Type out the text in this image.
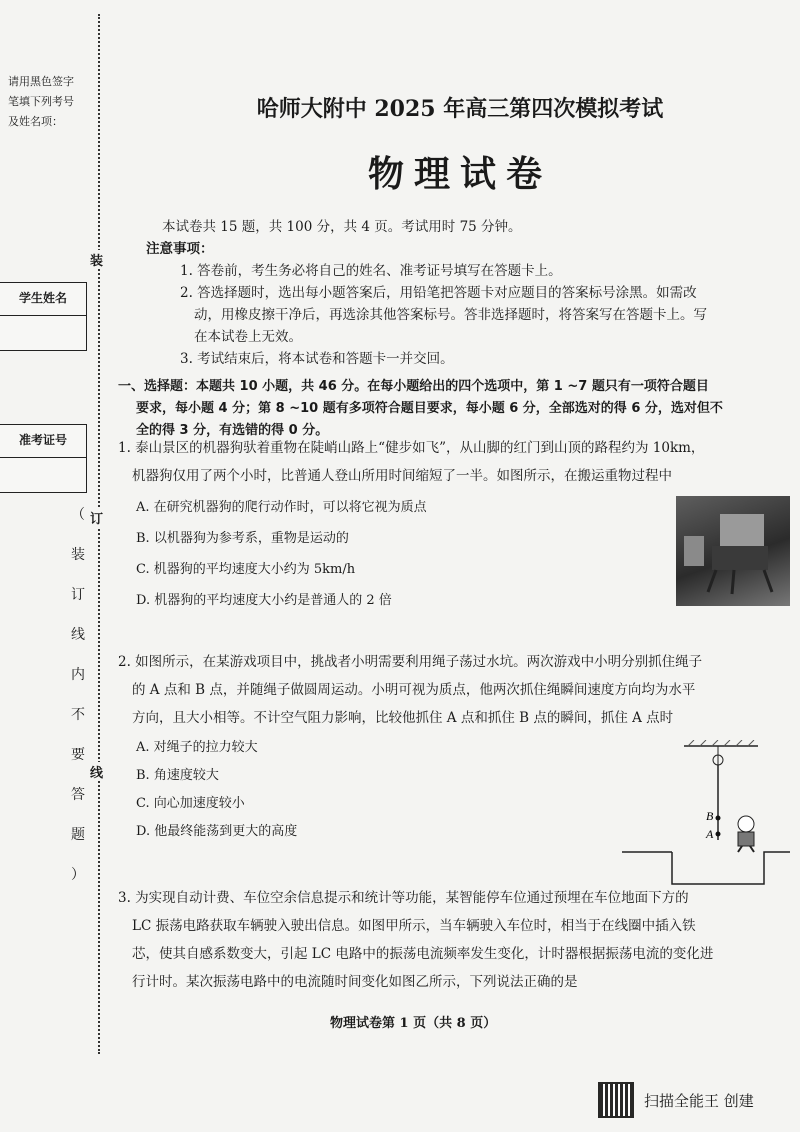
请用黑色签字
笔填下列考号
及姓名项：
学生姓名
准考证号
装
订
线
（
装
订
线
内
不
要
答
题
）
哈师大附中 2025 年高三第四次模拟考试
物理试卷
本试卷共 15 题，共 100 分，共 4 页。考试用时 75 分钟。
注意事项：
1. 答卷前，考生务必将自己的姓名、准考证号填写在答题卡上。
2. 答选择题时，选出每小题答案后，用铅笔把答题卡对应题目的答案标号涂黑。如需改
动，用橡皮擦干净后，再选涂其他答案标号。答非选择题时，将答案写在答题卡上。写
在本试卷上无效。
3. 考试结束后，将本试卷和答题卡一并交回。
一、选择题：本题共 10 小题，共 46 分。在每小题给出的四个选项中，第 1 ~7 题只有一项符合题目
要求，每小题 4 分；第 8 ~10 题有多项符合题目要求，每小题 6 分，全部选对的得 6 分，选对但不
全的得 3 分，有选错的得 0 分。
1. 泰山景区的机器狗驮着重物在陡峭山路上“健步如飞”，从山脚的红门到山顶的路程约为 10km，
机器狗仅用了两个小时，比普通人登山所用时间缩短了一半。如图所示，在搬运重物过程中
A. 在研究机器狗的爬行动作时，可以将它视为质点
B. 以机器狗为参考系，重物是运动的
C. 机器狗的平均速度大小约为 5km/h
D. 机器狗的平均速度大小约是普通人的 2 倍
2. 如图所示，在某游戏项目中，挑战者小明需要利用绳子荡过水坑。两次游戏中小明分别抓住绳子
的 A 点和 B 点，并随绳子做圆周运动。小明可视为质点，他两次抓住绳瞬间速度方向均为水平
方向，且大小相等。不计空气阻力影响，比较他抓住 A 点和抓住 B 点的瞬间，抓住 A 点时
A. 对绳子的拉力较大
B. 角速度较大
C. 向心加速度较小
D. 他最终能荡到更大的高度
B
A
3. 为实现自动计费、车位空余信息提示和统计等功能，某智能停车位通过预埋在车位地面下方的
LC 振荡电路获取车辆驶入驶出信息。如图甲所示，当车辆驶入车位时，相当于在线圈中插入铁
芯，使其自感系数变大，引起 LC 电路中的振荡电流频率发生变化，计时器根据振荡电流的变化进
行计时。某次振荡电路中的电流随时间变化如图乙所示，下列说法正确的是
物理试卷第 1 页（共 8 页）
扫描全能王 创建
